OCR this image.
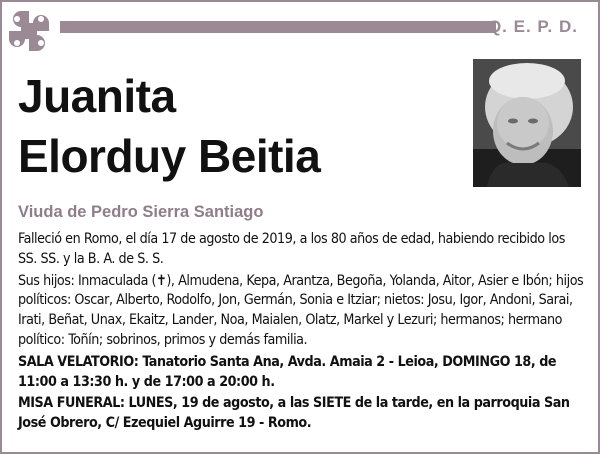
Q. E. P. D.
Juanita
Elorduy Beitia
Viuda de Pedro Sierra Santiago

Falleció en Romo, el día 17 de agosto de 2019, a los 80 años de edad, habiendo recibido los SS. SS. y la B. A. de S. S.

Sus hijos: Inmaculada (✝), Almudena, Kepa, Arantza, Begoña, Yolanda, Aitor, Asier e Ibón; hijos políticos: Oscar, Alberto, Rodolfo, Jon, Germán, Sonia e Itziar; nietos: Josu, Igor, Andoni, Sarai, Irati, Beñat, Unax, Ekaitz, Lander, Noa, Maialen, Olatz, Markel y Lezuri; hermanos; hermano político: Toñín; sobrinos, primos y demás familia.

SALA VELATORIO: Tanatorio Santa Ana, Avda. Amaia 2 - Leioa, DOMINGO 18, de 11:00 a 13:30 h. y de 17:00 a 20:00 h.

MISA FUNERAL: LUNES, 19 de agosto, a las SIETE de la tarde, en la parroquia San José Obrero, C/ Ezequiel Aguirre 19 - Romo.
